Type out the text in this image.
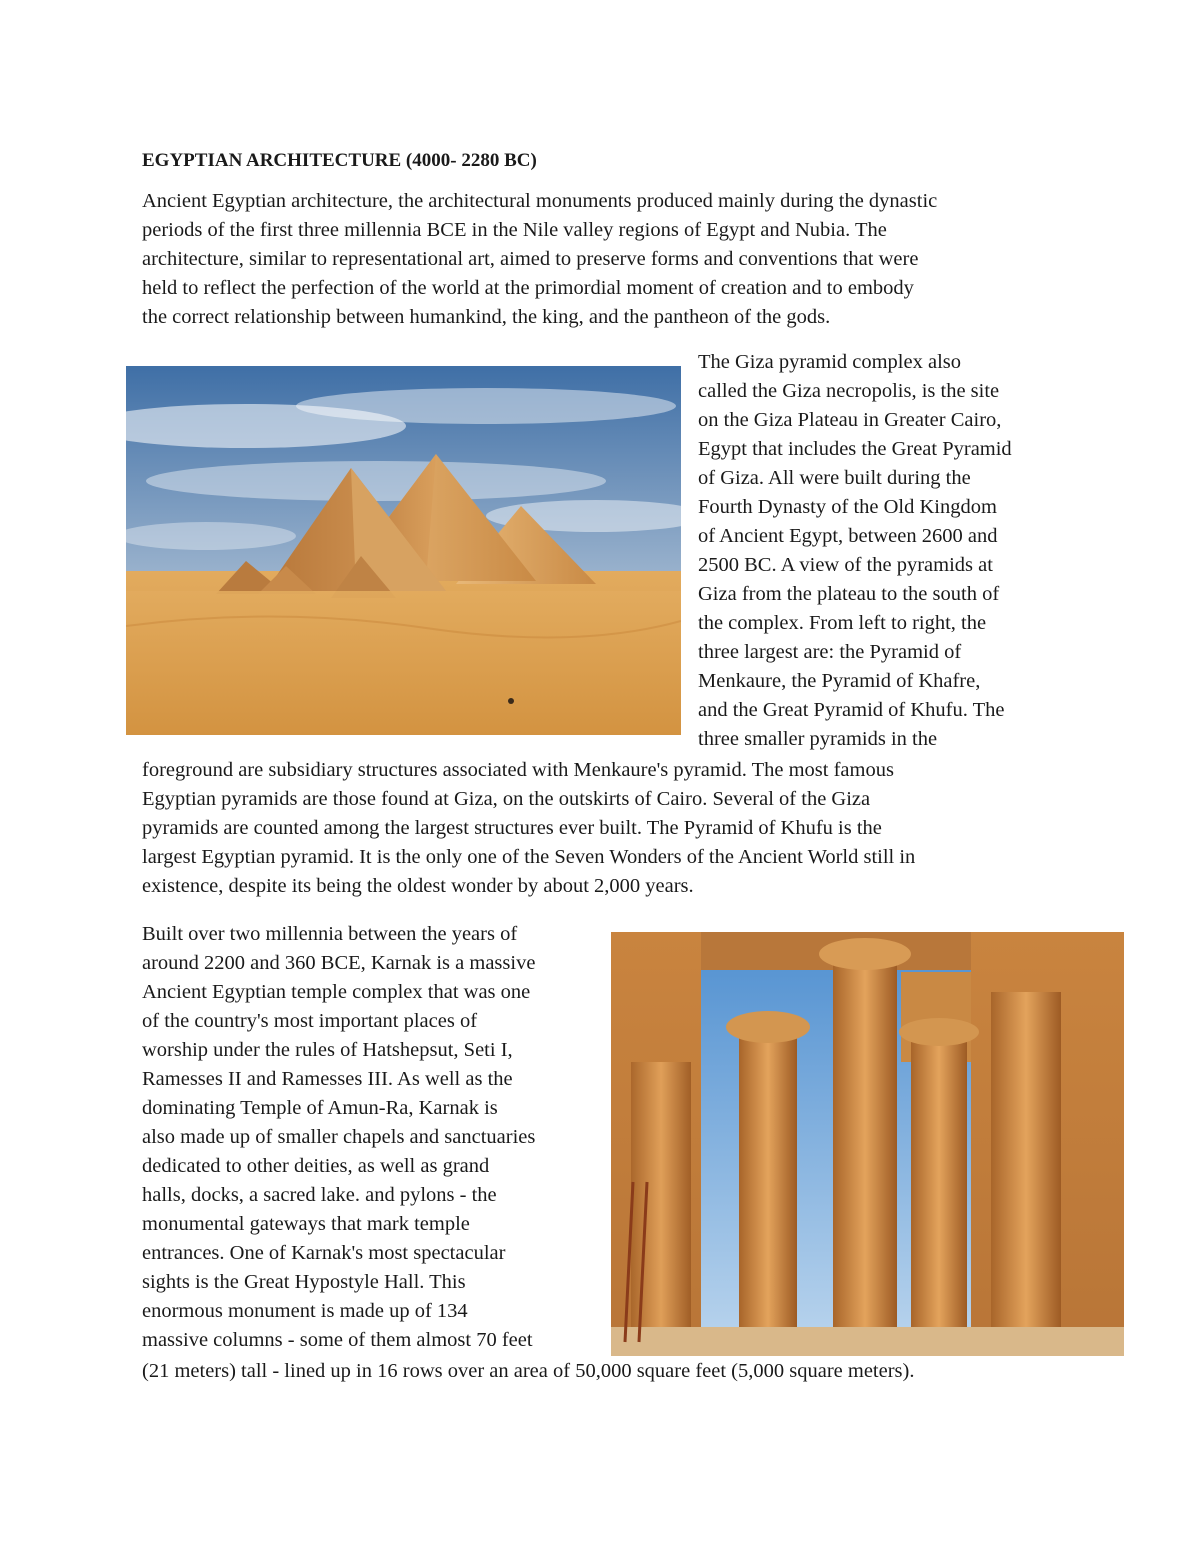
EGYPTIAN ARCHITECTURE (4000- 2280 BC)
Ancient Egyptian architecture, the architectural monuments produced mainly during the dynastic
periods of the first three millennia BCE in the Nile valley regions of Egypt and Nubia. The
architecture, similar to representational art, aimed to preserve forms and conventions that were
held to reflect the perfection of the world at the primordial moment of creation and to embody
the correct relationship between humankind, the king, and the pantheon of the gods.
The Giza pyramid complex also
called the Giza necropolis, is the site
on the Giza Plateau in Greater Cairo,
Egypt that includes the Great Pyramid
of Giza. All were built during the
Fourth Dynasty of the Old Kingdom
of Ancient Egypt, between 2600 and
2500 BC. A view of the pyramids at
Giza from the plateau to the south of
the complex. From left to right, the
three largest are: the Pyramid of
Menkaure, the Pyramid of Khafre,
and the Great Pyramid of Khufu. The
three smaller pyramids in the
foreground are subsidiary structures associated with Menkaure's pyramid. The most famous
Egyptian pyramids are those found at Giza, on the outskirts of Cairo. Several of the Giza
pyramids are counted among the largest structures ever built. The Pyramid of Khufu is the
largest Egyptian pyramid. It is the only one of the Seven Wonders of the Ancient World still in
existence, despite its being the oldest wonder by about 2,000 years.
Built over two millennia between the years of
around 2200 and 360 BCE, Karnak is a massive
Ancient Egyptian temple complex that was one
of the country's most important places of
worship under the rules of Hatshepsut, Seti I,
Ramesses II and Ramesses III. As well as the
dominating Temple of Amun-Ra, Karnak is
also made up of smaller chapels and sanctuaries
dedicated to other deities, as well as grand
halls, docks, a sacred lake. and pylons - the
monumental gateways that mark temple
entrances. One of Karnak's most spectacular
sights is the Great Hypostyle Hall. This
enormous monument is made up of 134
massive columns - some of them almost 70 feet
(21 meters) tall - lined up in 16 rows over an area of 50,000 square feet (5,000 square meters).
